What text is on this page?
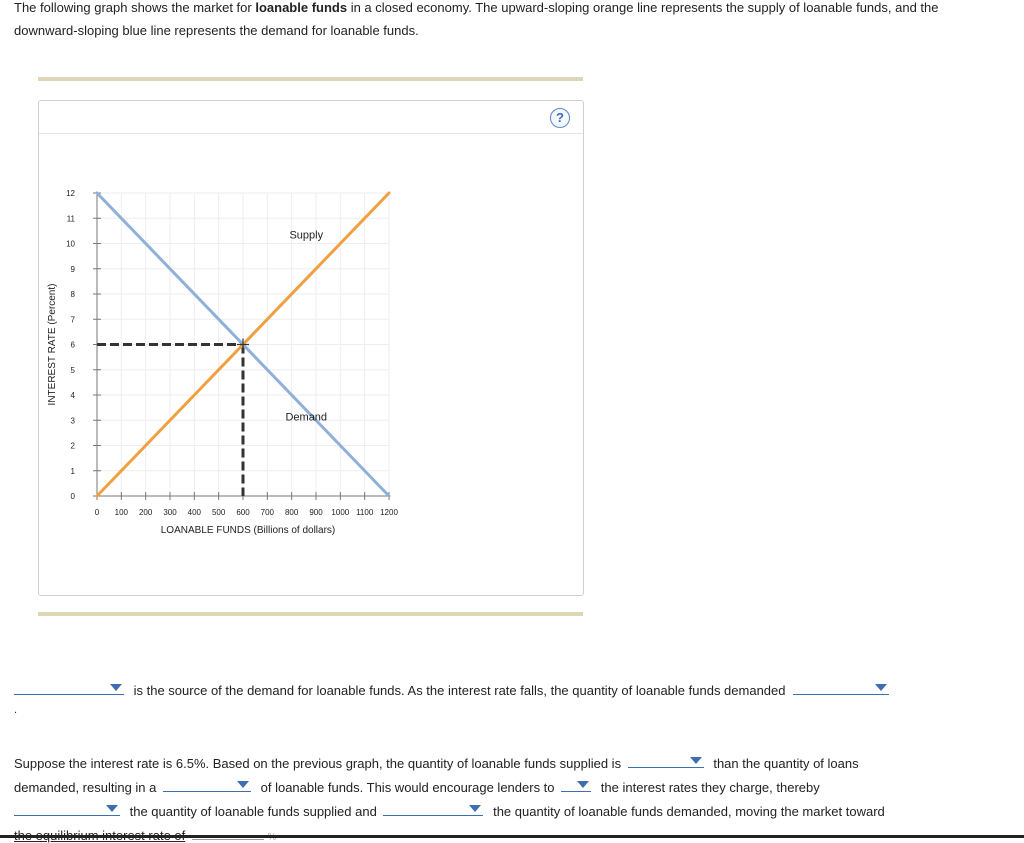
The following graph shows the market for loanable funds in a closed economy. The upward-sloping orange line represents the supply of loanable funds, and the downward-sloping blue line represents the demand for loanable funds.
?
0
1
2
3
4
5
6
7
8
9
10
11
12
0 100 200 300 400 500 600 700 800 900 1000 1100 1200
LOANABLE FUNDS (Billions of dollars)
INTEREST RATE (Percent)
Supply
Demand
is the source of the demand for loanable funds. As the interest rate falls, the quantity of loanable funds demanded
.
Suppose the interest rate is 6.5%. Based on the previous graph, the quantity of loanable funds supplied is	than the quantity of loans
demanded, resulting in a	of loanable funds. This would encourage lenders to	the interest rates they charge, thereby
the quantity of loanable funds supplied and	the quantity of loanable funds demanded, moving the market toward
